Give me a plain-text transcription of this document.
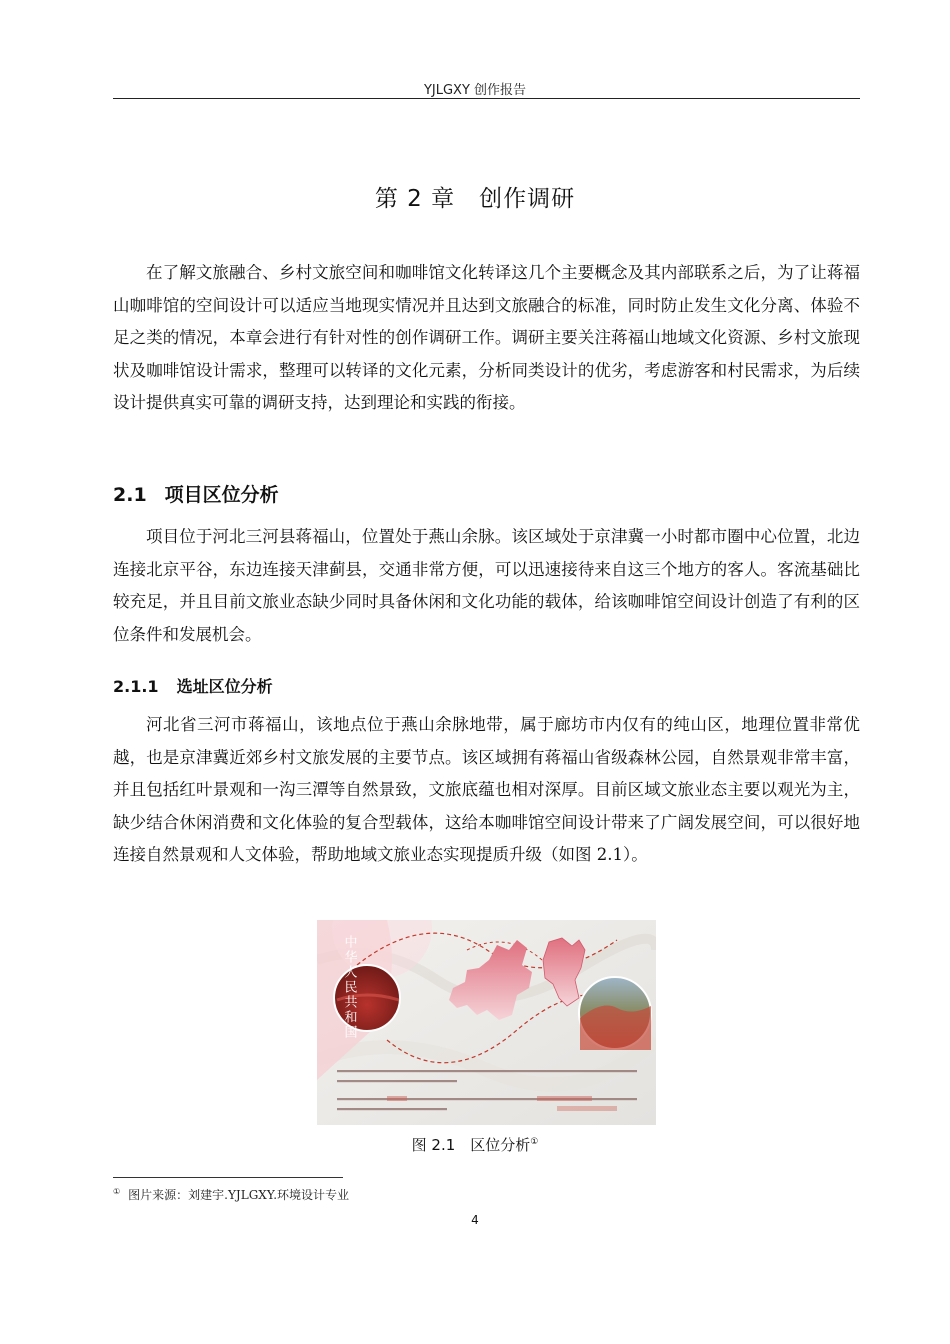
YJLGXY 创作报告
第 2 章　创作调研

在了解文旅融合、乡村文旅空间和咖啡馆文化转译这几个主要概念及其内部联系之后，为了让蒋福山咖啡馆的空间设计可以适应当地现实情况并且达到文旅融合的标准，同时防止发生文化分离、体验不足之类的情况，本章会进行有针对性的创作调研工作。调研主要关注蒋福山地域文化资源、乡村文旅现状及咖啡馆设计需求，整理可以转译的文化元素，分析同类设计的优劣，考虑游客和村民需求，为后续设计提供真实可靠的调研支持，达到理论和实践的衔接。

2.1 项目区位分析

项目位于河北三河县蒋福山，位置处于燕山余脉。该区域处于京津冀一小时都市圈中心位置，北边连接北京平谷，东边连接天津蓟县，交通非常方便，可以迅速接待来自这三个地方的客人。客流基础比较充足，并且目前文旅业态缺少同时具备休闲和文化功能的载体，给该咖啡馆空间设计创造了有利的区位条件和发展机会。

2.1.1 选址区位分析

河北省三河市蒋福山，该地点位于燕山余脉地带，属于廊坊市内仅有的纯山区，地理位置非常优越，也是京津冀近郊乡村文旅发展的主要节点。该区域拥有蒋福山省级森林公园，自然景观非常丰富，并且包括红叶景观和一沟三潭等自然景致，文旅底蕴也相对深厚。目前区域文旅业态主要以观光为主，缺少结合休闲消费和文化体验的复合型载体，这给本咖啡馆空间设计带来了广阔发展空间，可以很好地连接自然景观和人文体验，帮助地域文旅业态实现提质升级（如图 2.1）。

中华人民共和国
图 2.1　区位分析①
① 图片来源：刘建宇.YJLGXY.环境设计专业
4
